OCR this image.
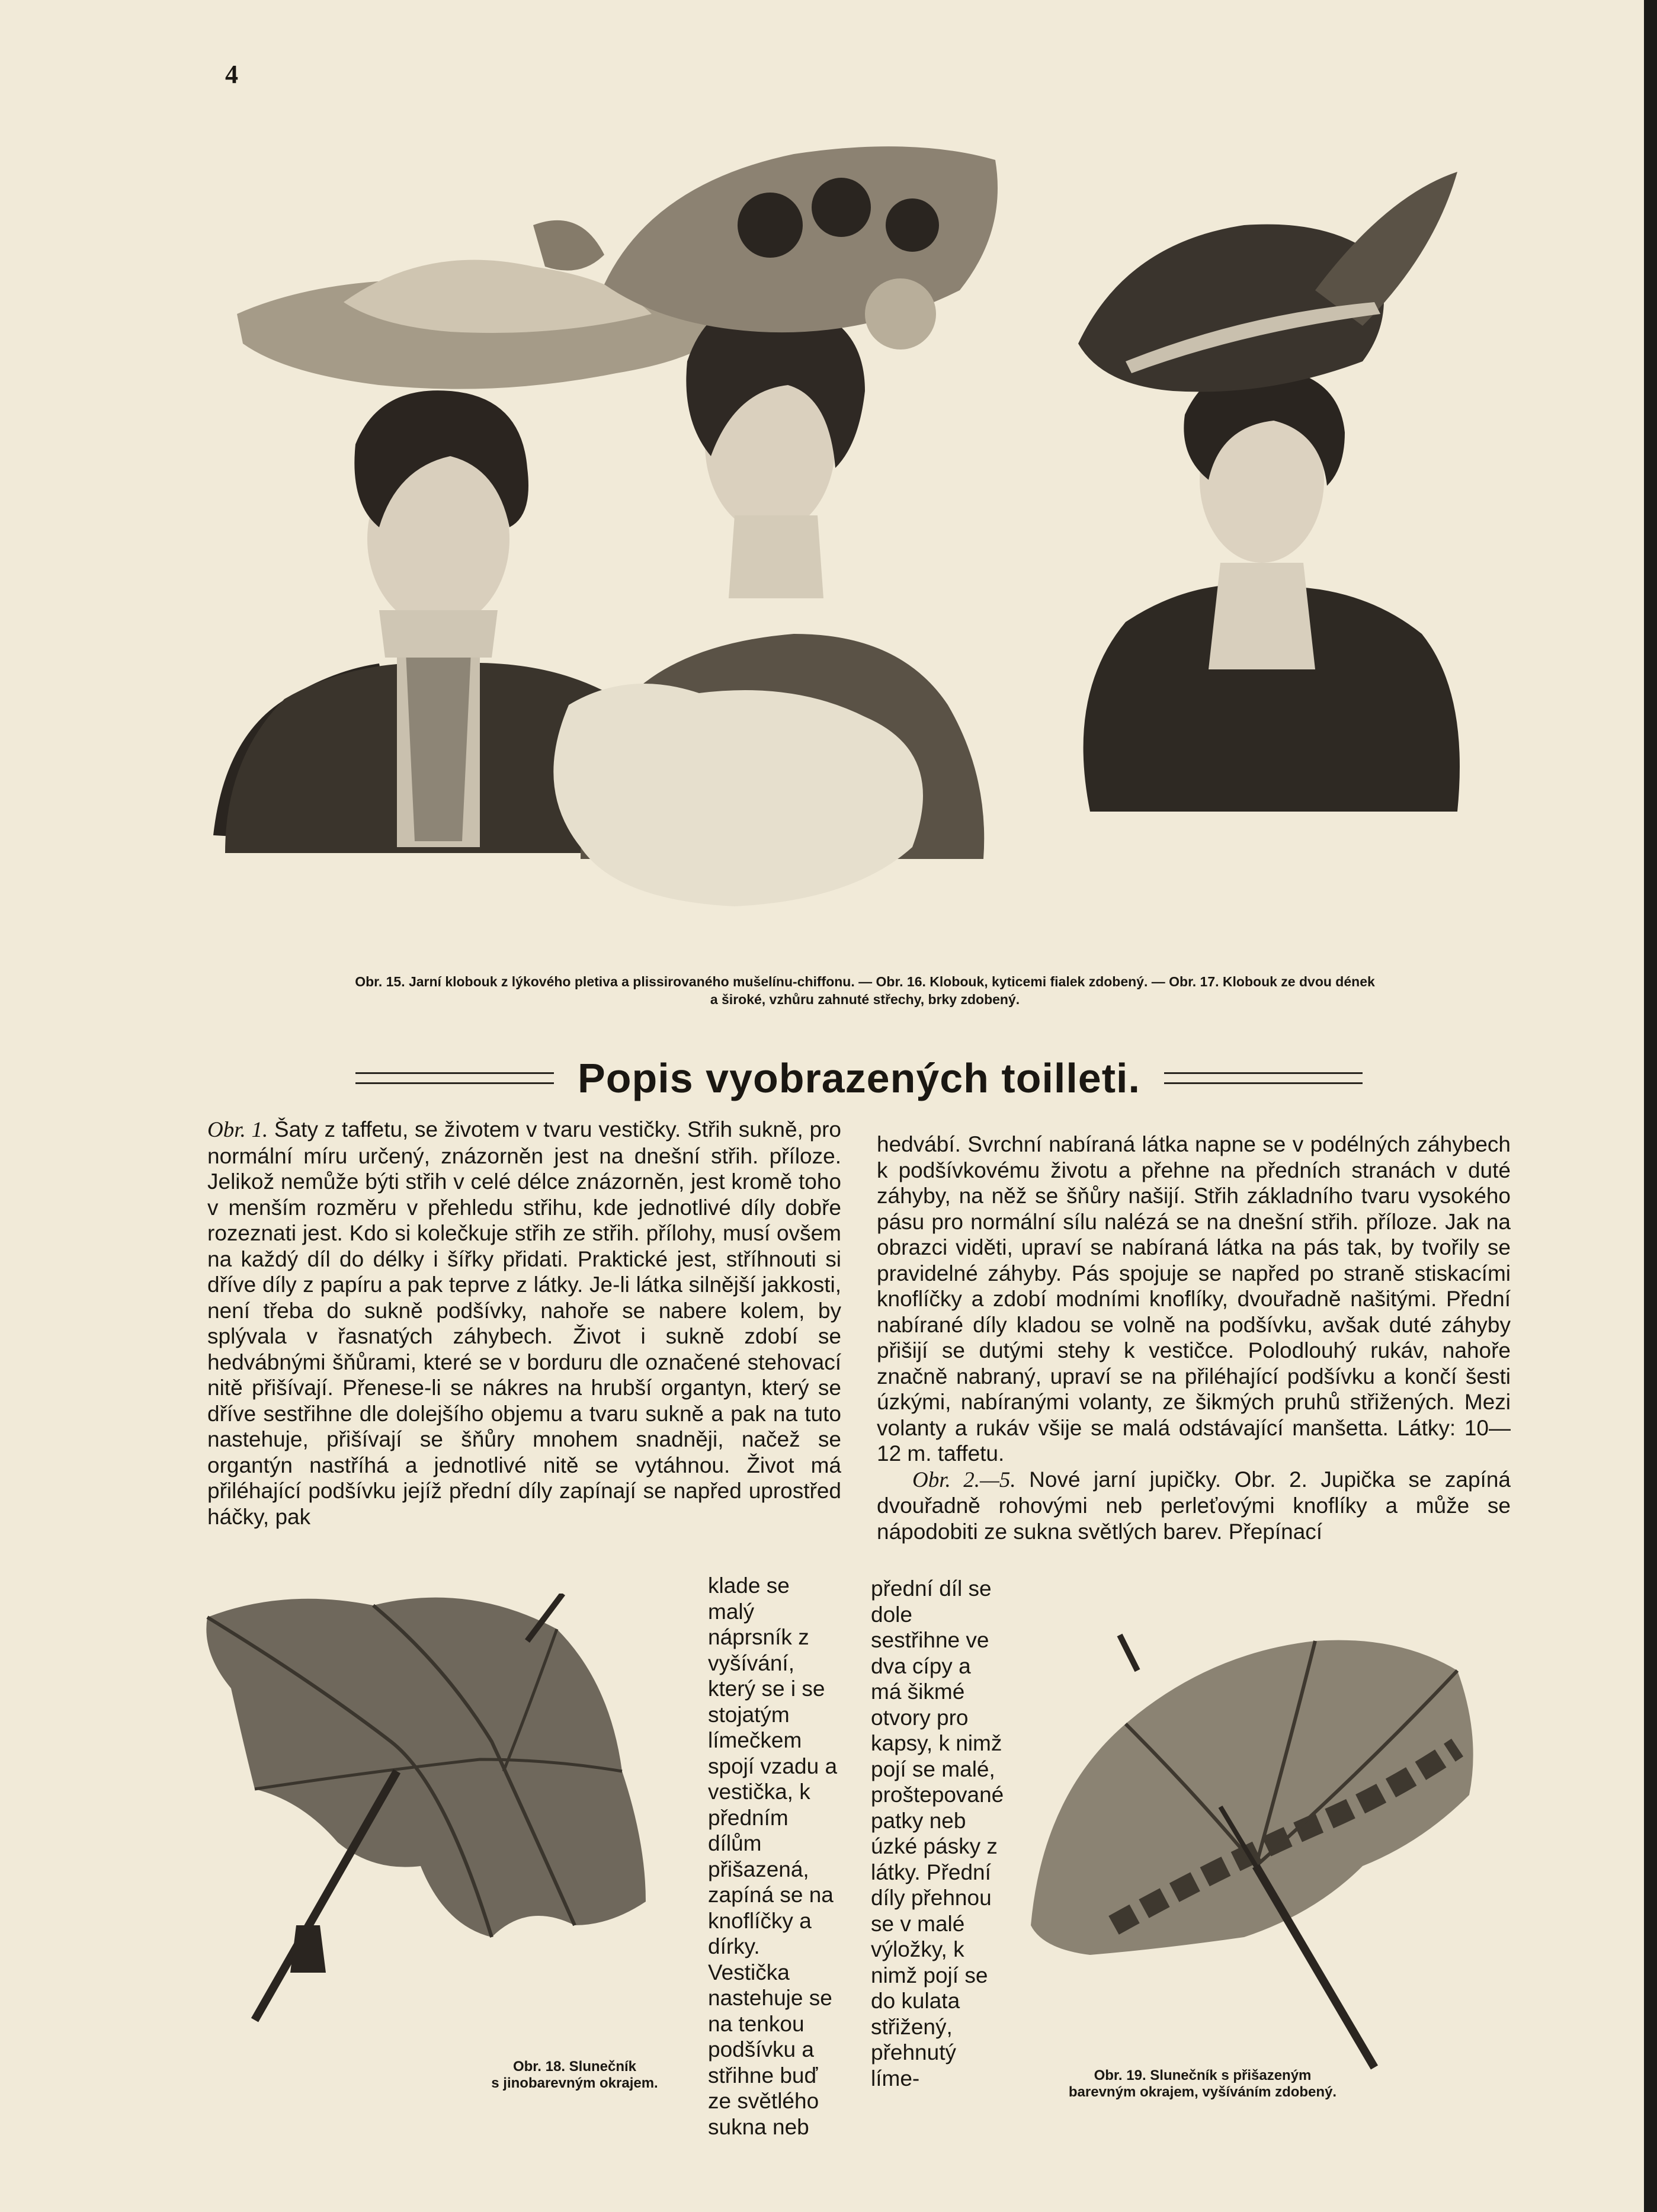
4
Obr. 15. Jarní klobouk z lýkového pletiva a plissirovaného mušelínu-chiffonu. — Obr. 16. Klobouk, kyticemi fialek zdobený. — Obr. 17. Klobouk ze dvou dének
a široké, vzhůru zahnuté střechy, brky zdobený.
Popis vyobrazených toilleti.
Obr. 1. Šaty z taffetu, se životem v tvaru vestičky. Střih sukně, pro normální míru určený, znázorněn jest na dnešní střih. příloze. Jelikož nemůže býti střih v celé délce znázorněn, jest kromě toho v menším rozměru v přehledu střihu, kde jednotlivé díly dobře rozeznati jest. Kdo si kolečkuje střih ze střih. přílohy, musí ovšem na každý díl do délky i šířky přidati. Praktické jest, stříhnouti si dříve díly z papíru a pak teprve z látky. Je-li látka silnější jakkosti, není třeba do sukně podšívky, nahoře se nabere kolem, by splývala v řasnatých záhybech. Život i sukně zdobí se hedvábnými šňůrami, které se v borduru dle označené stehovací nitě přišívají. Přenese-li se nákres na hrubší organtyn, který se dříve sestřihne dle dolejšího objemu a tvaru sukně a pak na tuto nastehuje, přišívají se šňůry mnohem snadněji, načež se organtýn nastříhá a jednotlivé nitě se vytáhnou. Život má přiléhající podšívku jejíž přední díly zapínají se napřed uprostřed háčky, pak
klade se malý náprsník z vyšívání, který se i se stojatým límečkem spojí vzadu a vestička, k předním dílům přišazená, zapíná se na knoflíčky a dírky. Vestička nastehuje se na tenkou podšívku a střihne buď ze světlého sukna neb
hedvábí. Svrchní nabíraná látka napne se v podélných záhybech k podšívkovému životu a přehne na předních stranách v duté záhyby, na něž se šňůry našijí. Střih základního tvaru vysokého pásu pro normální sílu nalézá se na dnešní střih. příloze. Jak na obrazci viděti, upraví se nabíraná látka na pás tak, by tvořily se pravidelné záhyby. Pás spojuje se napřed po straně stiskacími knoflíčky a zdobí modními knoflíky, dvouřadně našitými. Přední nabírané díly kladou se volně na podšívku, avšak duté záhyby přišijí se dutými stehy k vestičce. Polodlouhý rukáv, nahoře značně nabraný, upraví se na přiléhající podšívku a končí šesti úzkými, nabíranými volanty, ze šikmých pruhů střižených. Mezi volanty a rukáv všije se malá odstávající manšetta. Látky: 10—12 m. taffetu.
Obr. 2.—5. Nové jarní jupičky. Obr. 2. Jupička se zapíná dvouřadně rohovými neb perleťovými knoflíky a může se nápodobiti ze sukna světlých barev. Přepínací
přední díl se dole sestřihne ve dva cípy a má šikmé otvory pro kapsy, k nimž pojí se malé, proštepované patky neb úzké pásky z látky. Přední díly přehnou se v malé výložky, k nimž pojí se do kulata střižený, přehnutý líme-
Obr. 18. Slunečník
s jinobarevným okrajem.	Obr. 19. Slunečník s přišazeným
barevným okrajem, vyšíváním zdobený.
